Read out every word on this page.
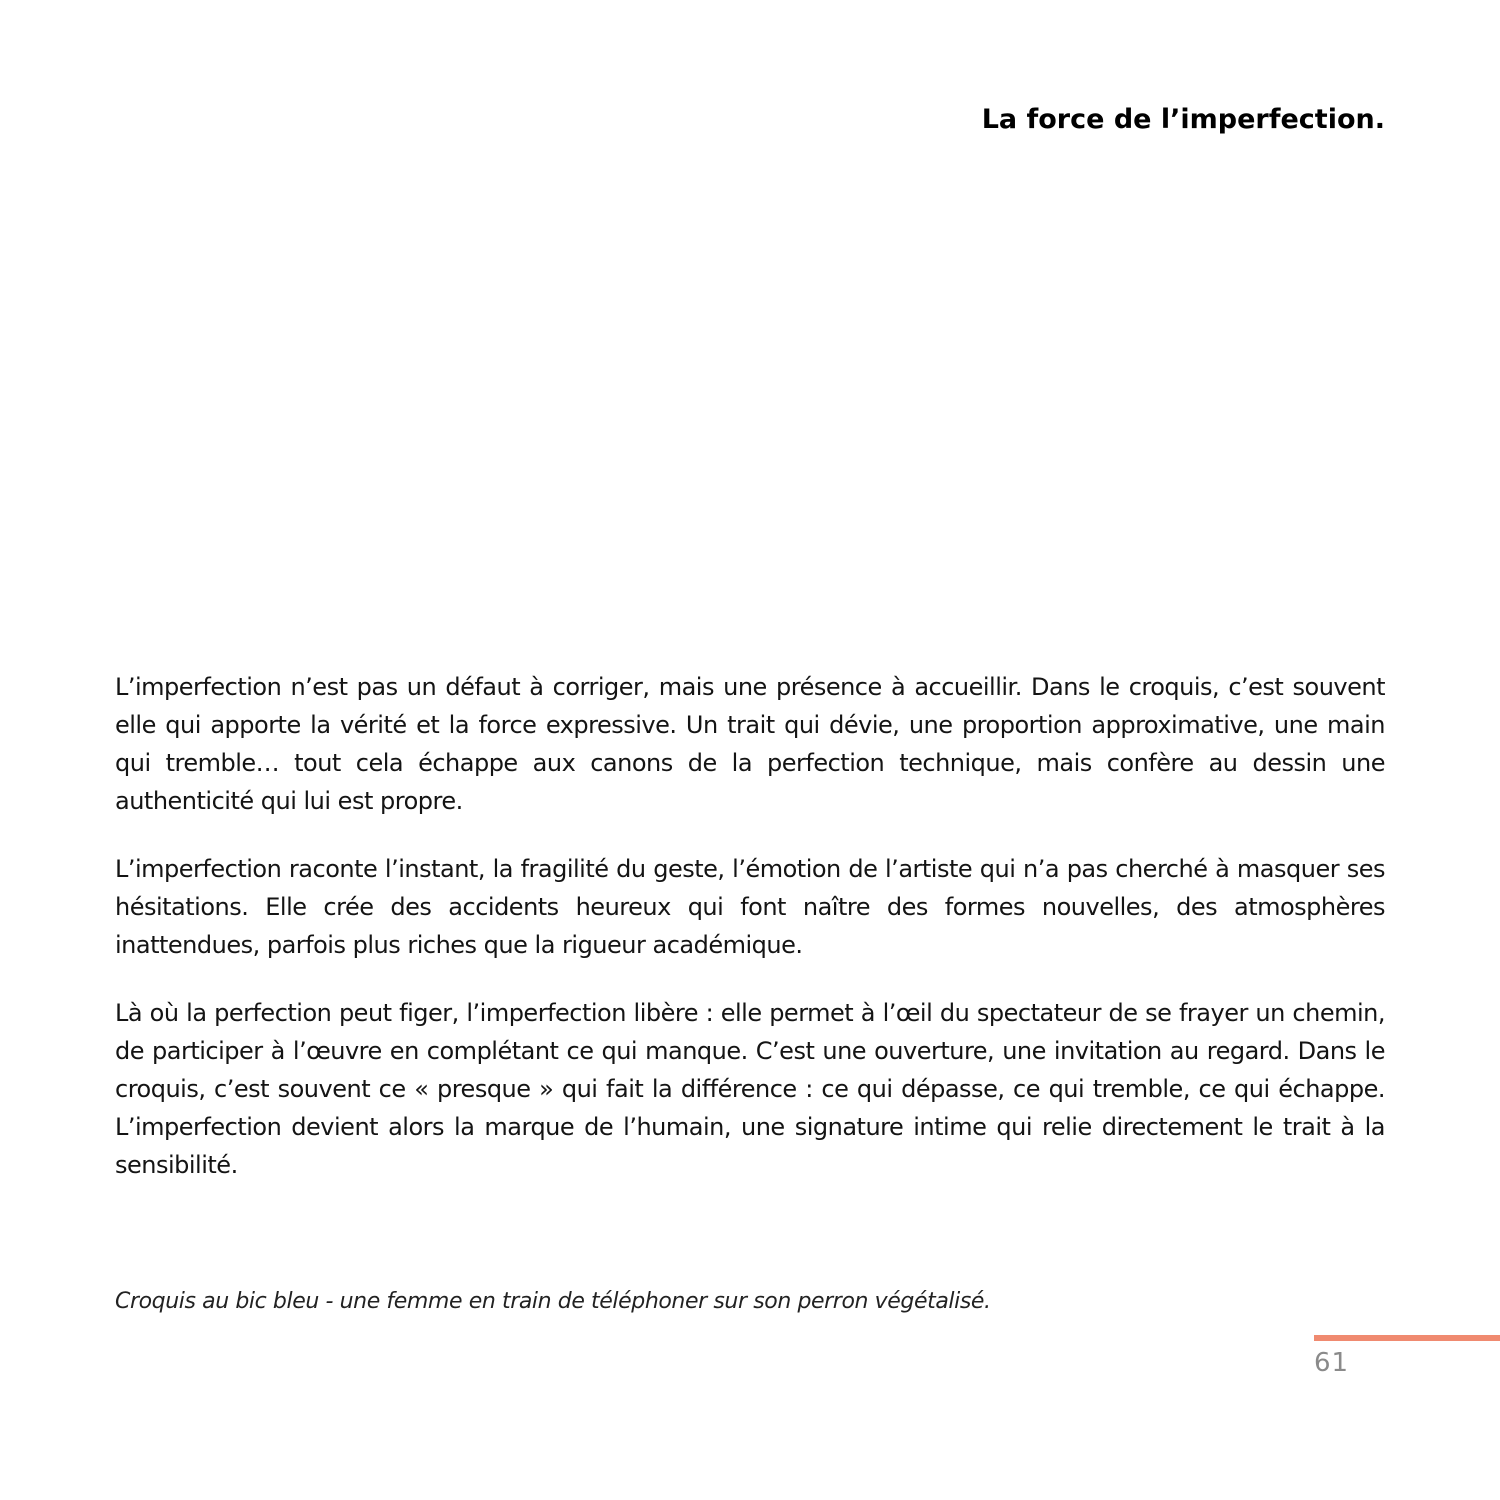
La force de l’imperfection.

L’imperfection n’est pas un défaut à corriger, mais une présence à accueillir. Dans le croquis, c’est souvent elle qui apporte la vérité et la force expressive. Un trait qui dévie, une proportion approximative, une main qui tremble… tout cela échappe aux canons de la perfection technique, mais confère au dessin une authenticité qui lui est propre.

L’imperfection raconte l’instant, la fragilité du geste, l’émotion de l’artiste qui n’a pas cherché à masquer ses hésitations. Elle crée des accidents heureux qui font naître des formes nouvelles, des atmosphères inattendues, parfois plus riches que la rigueur académique.

Là où la perfection peut figer, l’imperfection libère : elle permet à l’œil du spectateur de se frayer un chemin, de participer à l’œuvre en complétant ce qui manque. C’est une ouverture, une invitation au regard. Dans le croquis, c’est souvent ce « presque » qui fait la différence : ce qui dépasse, ce qui tremble, ce qui échappe. L’imperfection devient alors la marque de l’humain, une signature intime qui relie directement le trait à la sensibilité.

Croquis au bic bleu - une femme en train de téléphoner sur son perron végétalisé.

61
